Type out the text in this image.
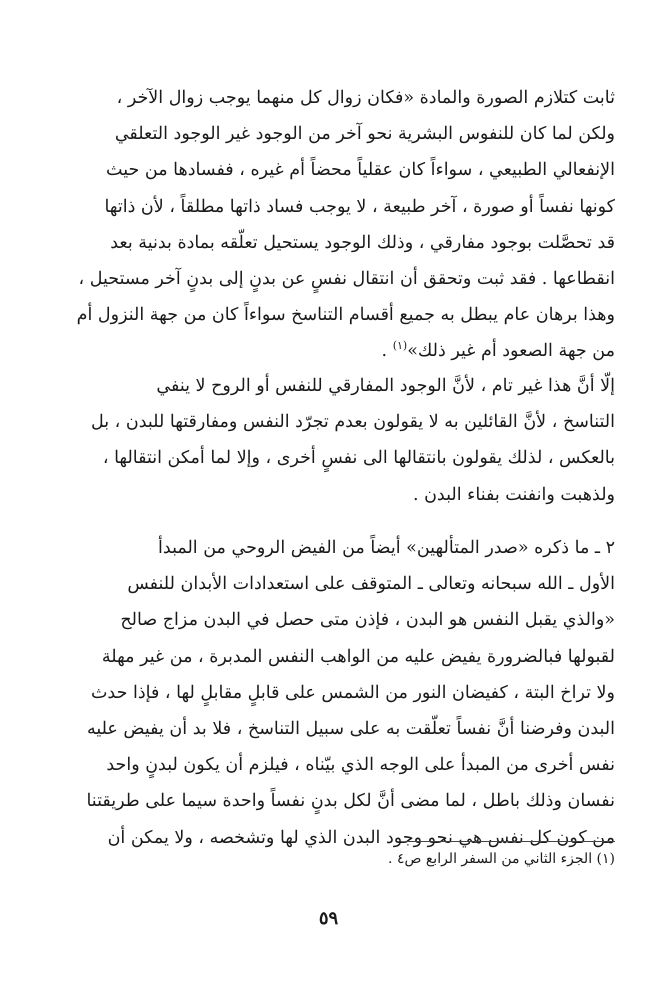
ثابت كتلازم الصورة والمادة «فكان زوال كل منهما يوجب زوال الآخر ،
ولكن لما كان للنفوس البشرية نحو آخر من الوجود غير الوجود التعلقي
الإنفعالي الطبيعي ، سواءاً كان عقلياً محضاً أم غيره ، ففسادها من حيث
كونها نفساً أو صورة ، آخر طبيعة ، لا يوجب فساد ذاتها مطلقاً ، لأن ذاتها
قد تحصَّلت بوجود مفارقي ، وذلك الوجود يستحيل تعلّقه بمادة بدنية بعد
انقطاعها . فقد ثبت وتحقق أن انتقال نفسٍ عن بدنٍ إلى بدنٍ آخر مستحيل ،
وهذا برهان عام يبطل به جميع أقسام التناسخ سواءاً كان من جهة النزول أم
من جهة الصعود أم غير ذلك»$^{(١)}$ .
إلّا أنَّ هذا غير تام ، لأنَّ الوجود المفارقي للنفس أو الروح لا ينفي
التناسخ ، لأنَّ القائلين به لا يقولون بعدم تجرّد النفس ومفارقتها للبدن ، بل
بالعكس ، لذلك يقولون بانتقالها الى نفسٍ أخرى ، وإلا لما أمكن انتقالها ،
ولذهبت وانفنت بفناء البدن .
٢ ـ ما ذكره «صدر المتألهين» أيضاً من الفيض الروحي من المبدأ
الأول ـ الله سبحانه وتعالى ـ المتوقف على استعدادات الأبدان للنفس
«والذي يقبل النفس هو البدن ، فإذن متى حصل في البدن مزاج صالح
لقبولها فبالضرورة يفيض عليه من الواهب النفس المدبرة ، من غير مهلة
ولا تراخ البتة ، كفيضان النور من الشمس على قابلٍ مقابلٍ لها ، فإذا حدث
البدن وفرضنا أنَّ نفساً تعلّقت به على سبيل التناسخ ، فلا بد أن يفيض عليه
نفس أخرى من المبدأ على الوجه الذي بيّناه ، فيلزم أن يكون لبدنٍ واحد
نفسان وذلك باطل ، لما مضى أنَّ لكل بدنٍ نفساً واحدة سيما على طريقتنا
من كون كل نفس هي نحو وجود البدن الذي لها وتشخصه ، ولا يمكن أن
(١) الجزء الثاني من السفر الرابع ص٤ .
٥٩
